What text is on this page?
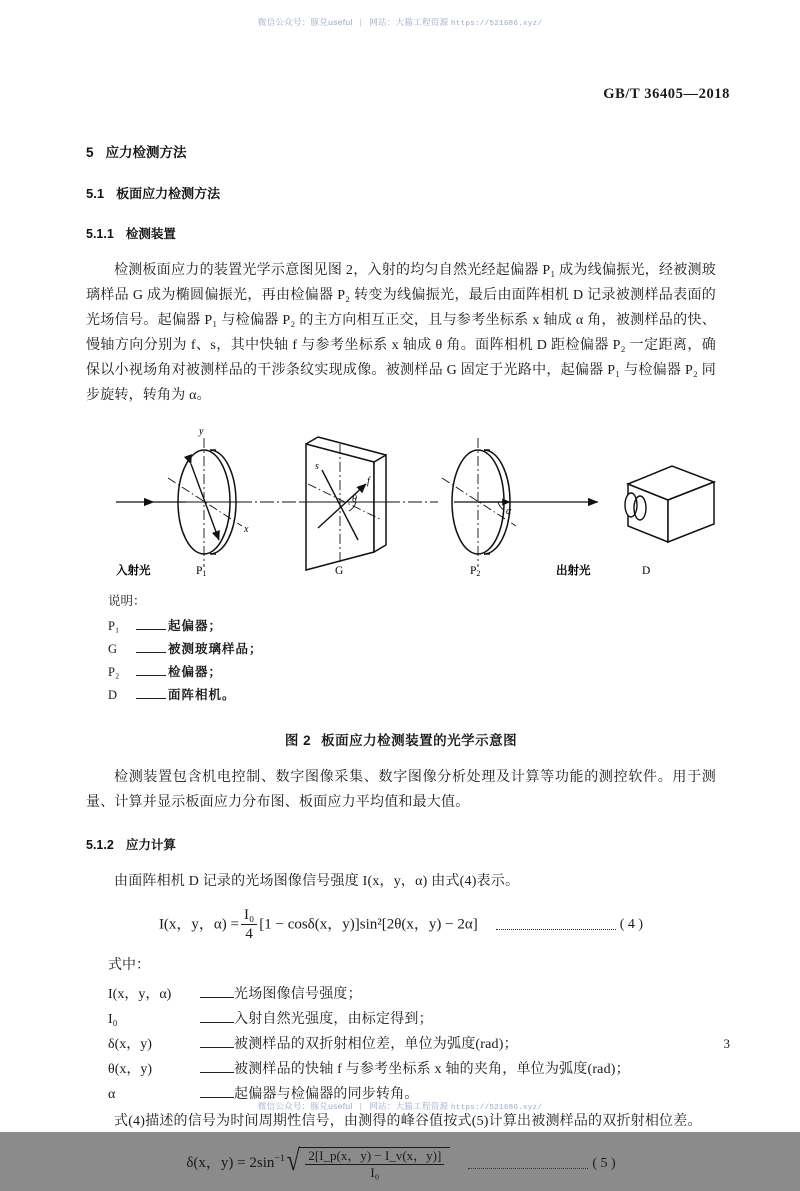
微信公众号：豚兑useful | 网站：大猫工程资源 https://521686.xyz/
GB/T 36405—2018
5 应力检测方法
5.1 板面应力检测方法
5.1.1 检测装置

检测板面应力的装置光学示意图见图 2，入射的均匀自然光经起偏器 P₁ 成为线偏振光，经被测玻璃样品 G 成为椭圆偏振光，再由检偏器 P₂ 转变为线偏振光，最后由面阵相机 D 记录被测样品表面的光场信号。起偏器 P₁ 与检偏器 P₂ 的主方向相互正交，且与参考坐标系 x 轴成 α 角，被测样品的快、慢轴方向分别为 f、s，其中快轴 f 与参考坐标系 x 轴成 θ 角。面阵相机 D 距检偏器 P₂ 一定距离，确保以小视场角对被测样品的干涉条纹实现成像。被测样品 G 固定于光路中，起偏器 P₁ 与检偏器 P₂ 同步旋转，转角为 α。

y
x
s
f
θ
α
入射光	P1	G	P2	出射光	D
说明：
P₁	起偏器；
G	被测玻璃样品；
P₂	检偏器；
D	面阵相机。
图 2 板面应力检测装置的光学示意图

检测装置包含机电控制、数字图像采集、数字图像分析处理及计算等功能的测控软件。用于测量、计算并显示板面应力分布图、板面应力平均值和最大值。

5.1.2 应力计算

由面阵相机 D 记录的光场图像信号强度 I(x，y，α) 由式(4)表示。

I(x，y，$\alpha) = \frac{\text{I₀}}{4} [1 - \cos\delta(x$，y)]sin²[2θ(x，y) − 2α]	( 4 )
式中：
I(x，y，α)	光场图像信号强度；
I₀	入射自然光强度，由标定得到；
δ(x，y)	被测样品的双折射相位差，单位为弧度(rad)；
θ(x，y)	被测样品的快轴 f 与参考坐标系 x 轴的夹角，单位为弧度(rad)；
α	起偏器与检偏器的同步转角。

式(4)描述的信号为时间周期性信号，由测得的峰谷值按式(5)计算出被测样品的双折射相位差。

δ(x，$y) = 2\sin^{-1}$ √ $\frac{2[I\_p(x,y) - I\_v(x,y)]}{\text{I₀}}$	( 5 )
3
微信公众号：豚兑useful | 网站：大猫工程资源 https://521686.xyz/
